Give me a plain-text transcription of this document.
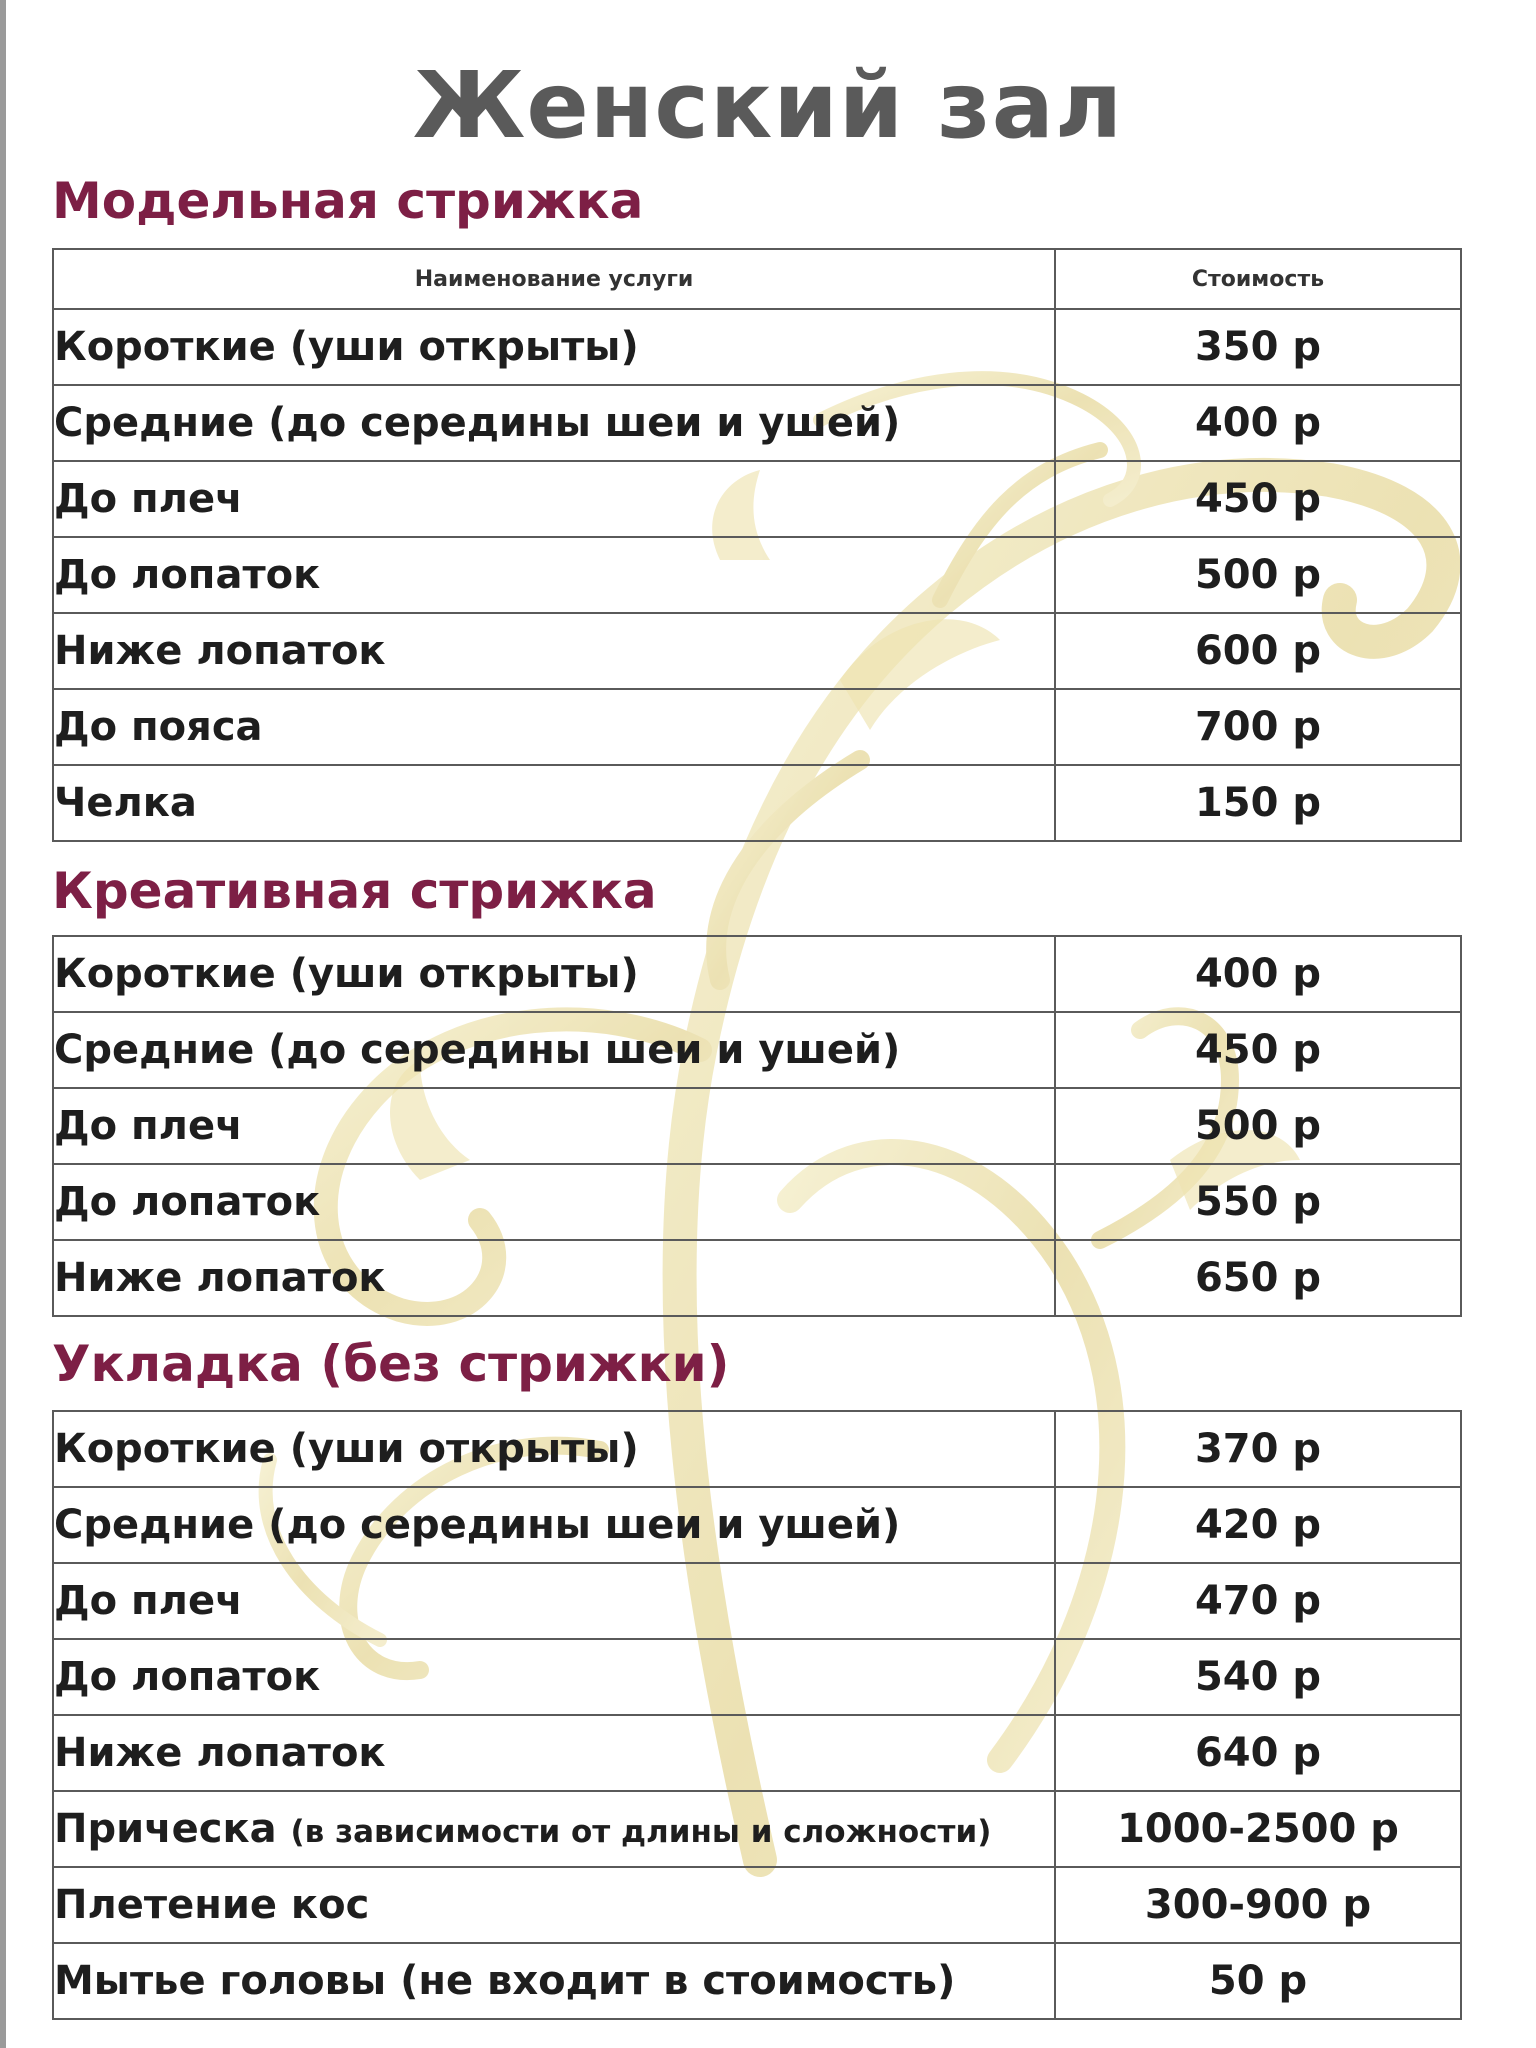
Женский зал
Модельная стрижка
Наименование услуги	Стоимость
Короткие (уши открыты)	350 р
Средние (до середины шеи и ушей)	400 р
До плеч	450 р
До лопаток	500 р
Ниже лопаток	600 р
До пояса	700 р
Челка	150 р
Креативная стрижка
Короткие (уши открыты)	400 р
Средние (до середины шеи и ушей)	450 р
До плеч	500 р
До лопаток	550 р
Ниже лопаток	650 р
Укладка (без стрижки)
Короткие (уши открыты)	370 р
Средние (до середины шеи и ушей)	420 р
До плеч	470 р
До лопаток	540 р
Ниже лопаток	640 р
Прическа (в зависимости от длины и сложности)	1000-2500 р
Плетение кос	300-900 р
Мытье головы (не входит в стоимость)	50 р
